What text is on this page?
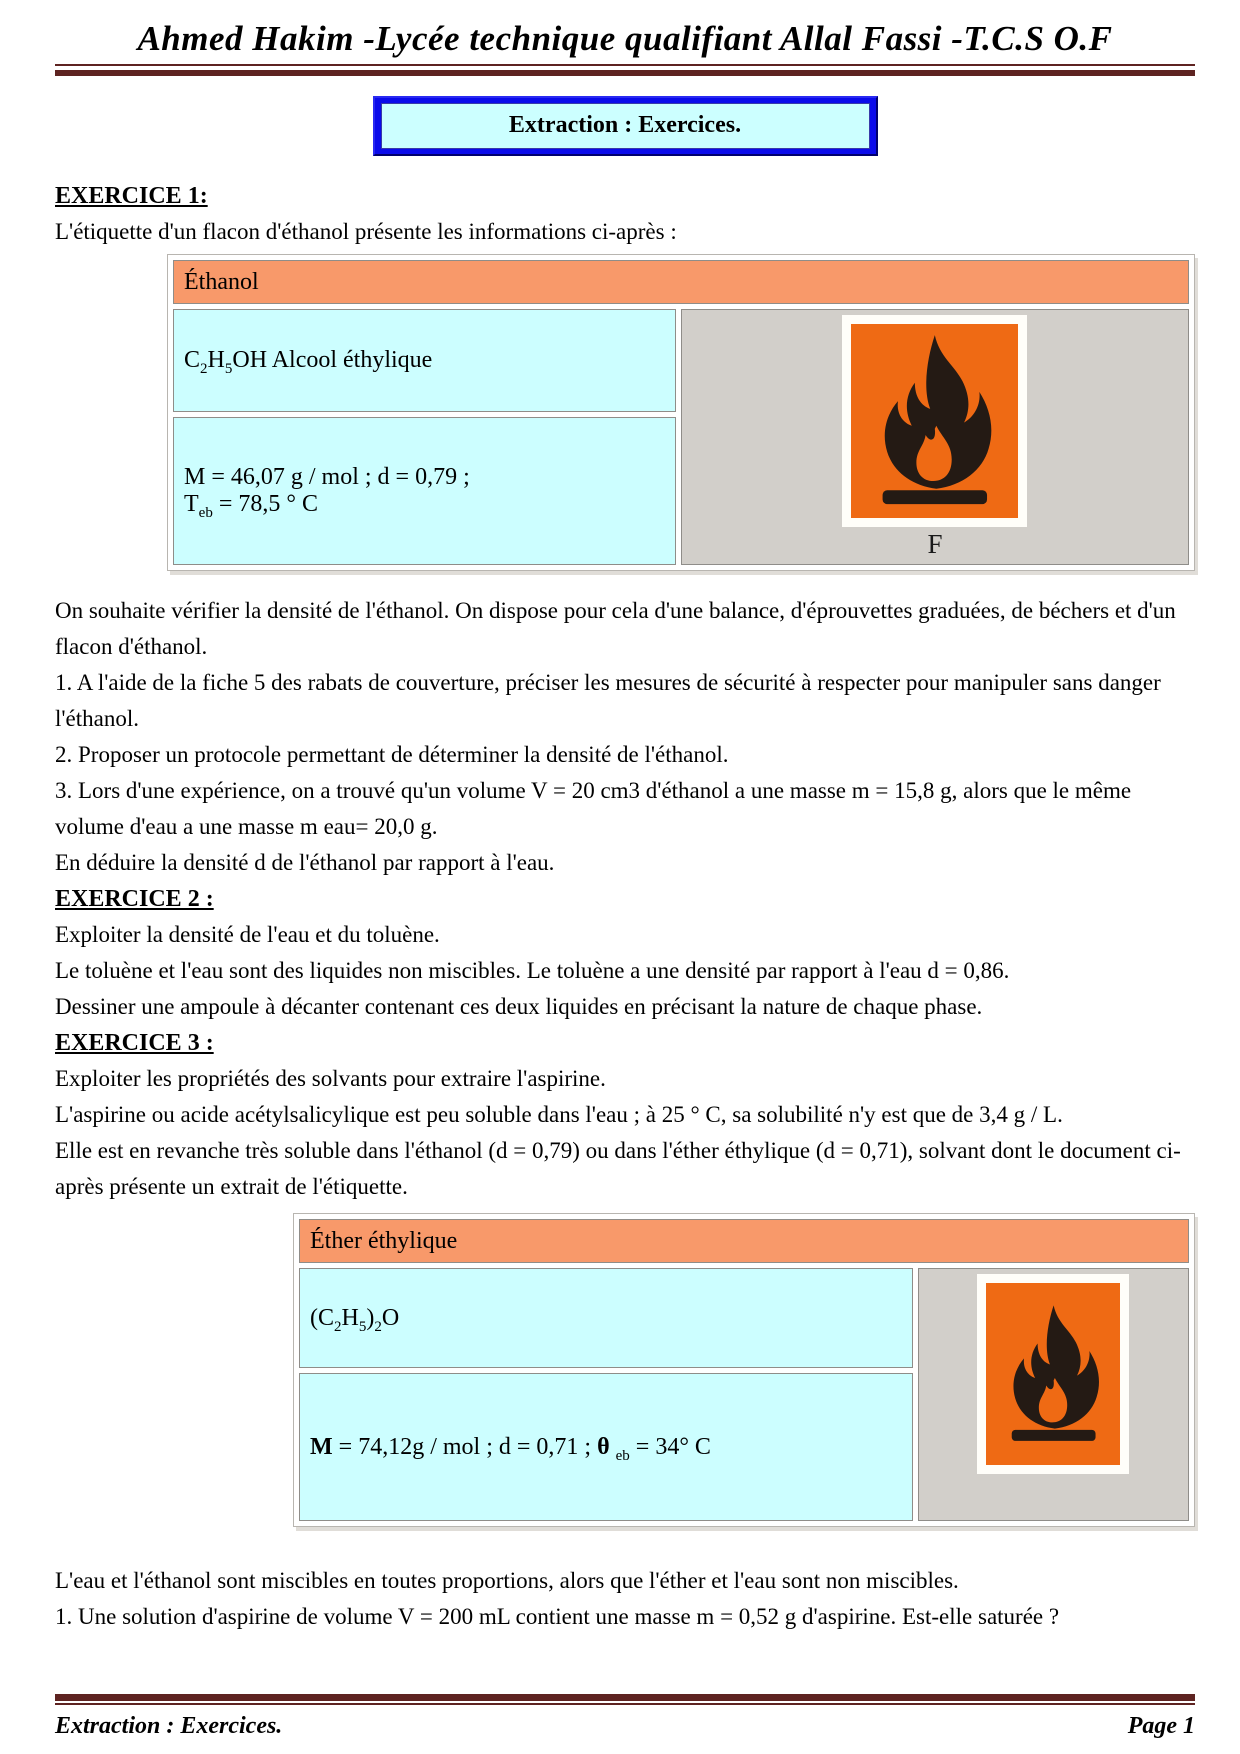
Ahmed Hakim -Lycée technique qualifiant Allal Fassi -T.C.S O.F
Extraction : Exercices.
EXERCICE 1:

L'étiquette d'un flacon d'éthanol présente les informations ci-après :

Éthanol
$C_2H_5OH$ Alcool éthylique	
F

M = 46,07 g / mol ; d = 0,79 ;
$T_{eb} = 78,5$ ° C

On souhaite vérifier la densité de l'éthanol. On dispose pour cela d'une balance, d'éprouvettes graduées, de béchers et d'un flacon d'éthanol.

1. A l'aide de la fiche 5 des rabats de couverture, préciser les mesures de sécurité à respecter pour manipuler sans danger l'éthanol.

2. Proposer un protocole permettant de déterminer la densité de l'éthanol.

3. Lors d'une expérience, on a trouvé qu'un volume V = 20 cm3 d'éthanol a une masse m = 15,8 g, alors que le même volume d'eau a une masse m eau= 20,0 g.

En déduire la densité d de l'éthanol par rapport à l'eau.

EXERCICE 2 :

Exploiter la densité de l'eau et du toluène.

Le toluène et l'eau sont des liquides non miscibles. Le toluène a une densité par rapport à l'eau d = 0,86.

Dessiner une ampoule à décanter contenant ces deux liquides en précisant la nature de chaque phase.

EXERCICE 3 :

Exploiter les propriétés des solvants pour extraire l'aspirine.

L'aspirine ou acide acétylsalicylique est peu soluble dans l'eau ; à 25 ° C, sa solubilité n'y est que de 3,4 g / L.

Elle est en revanche très soluble dans l'éthanol (d = 0,79) ou dans l'éther éthylique (d = 0,71), solvant dont le document ci-après présente un extrait de l'étiquette.

Éther éthylique
$(C_2H_5)_2O$	

M = 74,12g / mol ; d = 0,71 ; θ $_{eb}$ = 34° C

L'eau et l'éthanol sont miscibles en toutes proportions, alors que l'éther et l'eau sont non miscibles.

1. Une solution d'aspirine de volume V = 200 mL contient une masse m = 0,52 g d'aspirine. Est-elle saturée ?

Extraction : Exercices.	Page 1
